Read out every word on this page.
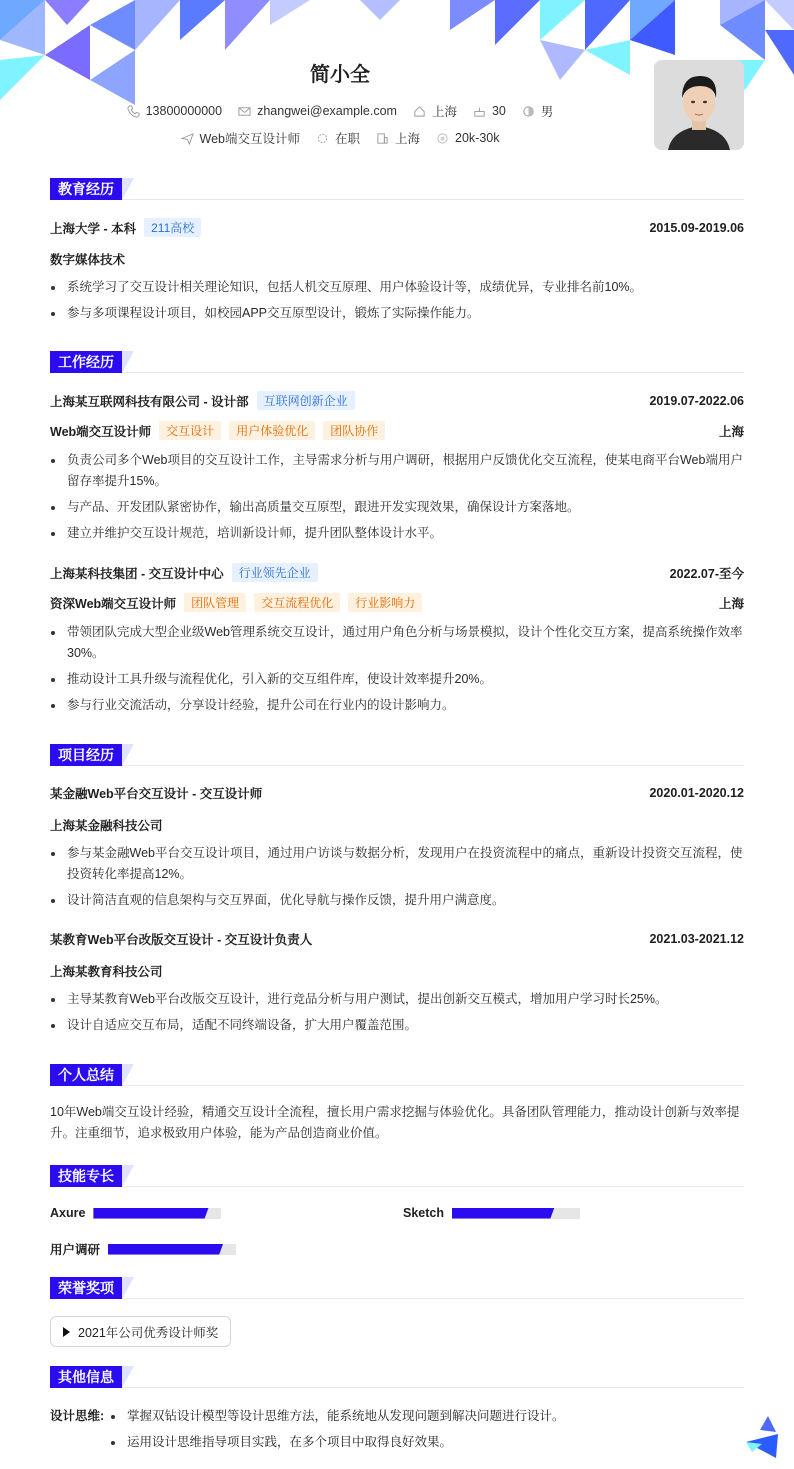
简小全
13800000000	zhangwei@example.com	上海	30	男
Web端交互设计师	在职	上海	20k-30k
教育经历
上海大学 - 本科	211高校	2015.09-2019.06
数字媒体技术
系统学习了交互设计相关理论知识，包括人机交互原理、用户体验设计等，成绩优异，专业排名前10%。
参与多项课程设计项目，如校园APP交互原型设计，锻炼了实际操作能力。
工作经历
上海某互联网科技有限公司 - 设计部	互联网创新企业	2019.07-2022.06
Web端交互设计师	交互设计	用户体验优化	团队协作	上海
负责公司多个Web项目的交互设计工作，主导需求分析与用户调研，根据用户反馈优化交互流程，使某电商平台Web端用户留存率提升15%。
与产品、开发团队紧密协作，输出高质量交互原型，跟进开发实现效果，确保设计方案落地。
建立并维护交互设计规范，培训新设计师，提升团队整体设计水平。
上海某科技集团 - 交互设计中心	行业领先企业	2022.07-至今
资深Web端交互设计师	团队管理	交互流程优化	行业影响力	上海
带领团队完成大型企业级Web管理系统交互设计，通过用户角色分析与场景模拟，设计个性化交互方案，提高系统操作效率30%。
推动设计工具升级与流程优化，引入新的交互组件库，使设计效率提升20%。
参与行业交流活动，分享设计经验，提升公司在行业内的设计影响力。
项目经历
某金融Web平台交互设计 - 交互设计师	2020.01-2020.12
上海某金融科技公司
参与某金融Web平台交互设计项目，通过用户访谈与数据分析，发现用户在投资流程中的痛点，重新设计投资交互流程，使投资转化率提高12%。
设计简洁直观的信息架构与交互界面，优化导航与操作反馈，提升用户满意度。
某教育Web平台改版交互设计 - 交互设计负责人	2021.03-2021.12
上海某教育科技公司
主导某教育Web平台改版交互设计，进行竞品分析与用户测试，提出创新交互模式，增加用户学习时长25%。
设计自适应交互布局，适配不同终端设备，扩大用户覆盖范围。
个人总结
10年Web端交互设计经验，精通交互设计全流程，擅长用户需求挖掘与体验优化。具备团队管理能力，推动设计创新与效率提升。注重细节，追求极致用户体验，能为产品创造商业价值。
技能专长
Axure	Sketch
用户调研
荣誉奖项
2021年公司优秀设计师奖
其他信息
设计思维:	掌握双钻设计模型等设计思维方法，能系统地从发现问题到解决问题进行设计。
运用设计思维指导项目实践，在多个项目中取得良好效果。
